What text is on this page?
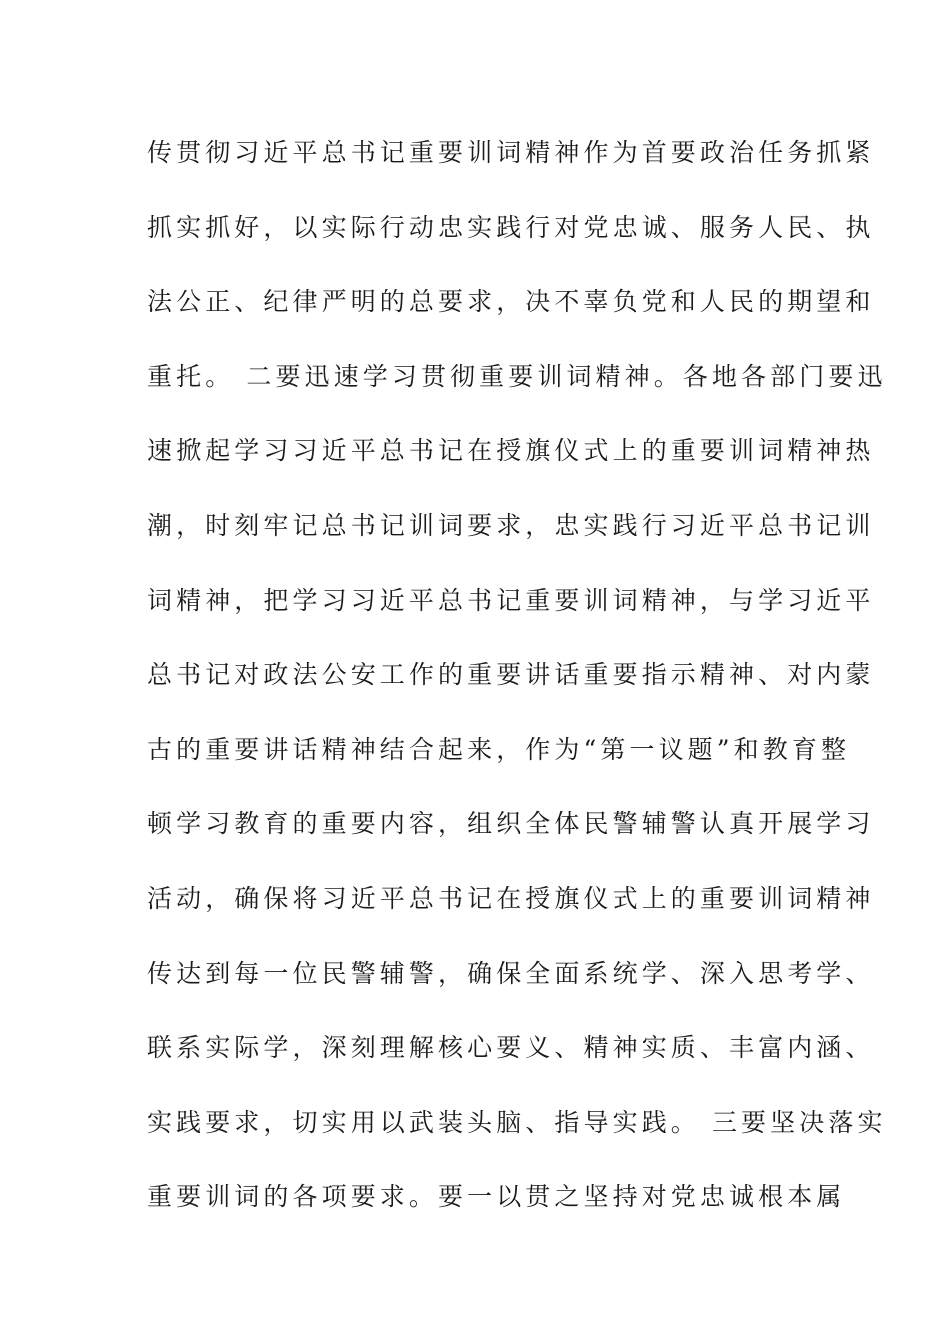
传贯彻习近平总书记重要训词精神作为首要政治任务抓紧
抓实抓好，以实际行动忠实践行对党忠诚、服务人民、执
法公正、纪律严明的总要求，决不辜负党和人民的期望和
重托。 二要迅速学习贯彻重要训词精神。各地各部门要迅
速掀起学习习近平总书记在授旗仪式上的重要训词精神热
潮，时刻牢记总书记训词要求，忠实践行习近平总书记训
词精神，把学习习近平总书记重要训词精神，与学习近平
总书记对政法公安工作的重要讲话重要指示精神、对内蒙
古的重要讲话精神结合起来，作为“第一议题”和教育整
顿学习教育的重要内容，组织全体民警辅警认真开展学习
活动，确保将习近平总书记在授旗仪式上的重要训词精神
传达到每一位民警辅警，确保全面系统学、深入思考学、
联系实际学，深刻理解核心要义、精神实质、丰富内涵、
实践要求，切实用以武装头脑、指导实践。 三要坚决落实
重要训词的各项要求。要一以贯之坚持对党忠诚根本属
